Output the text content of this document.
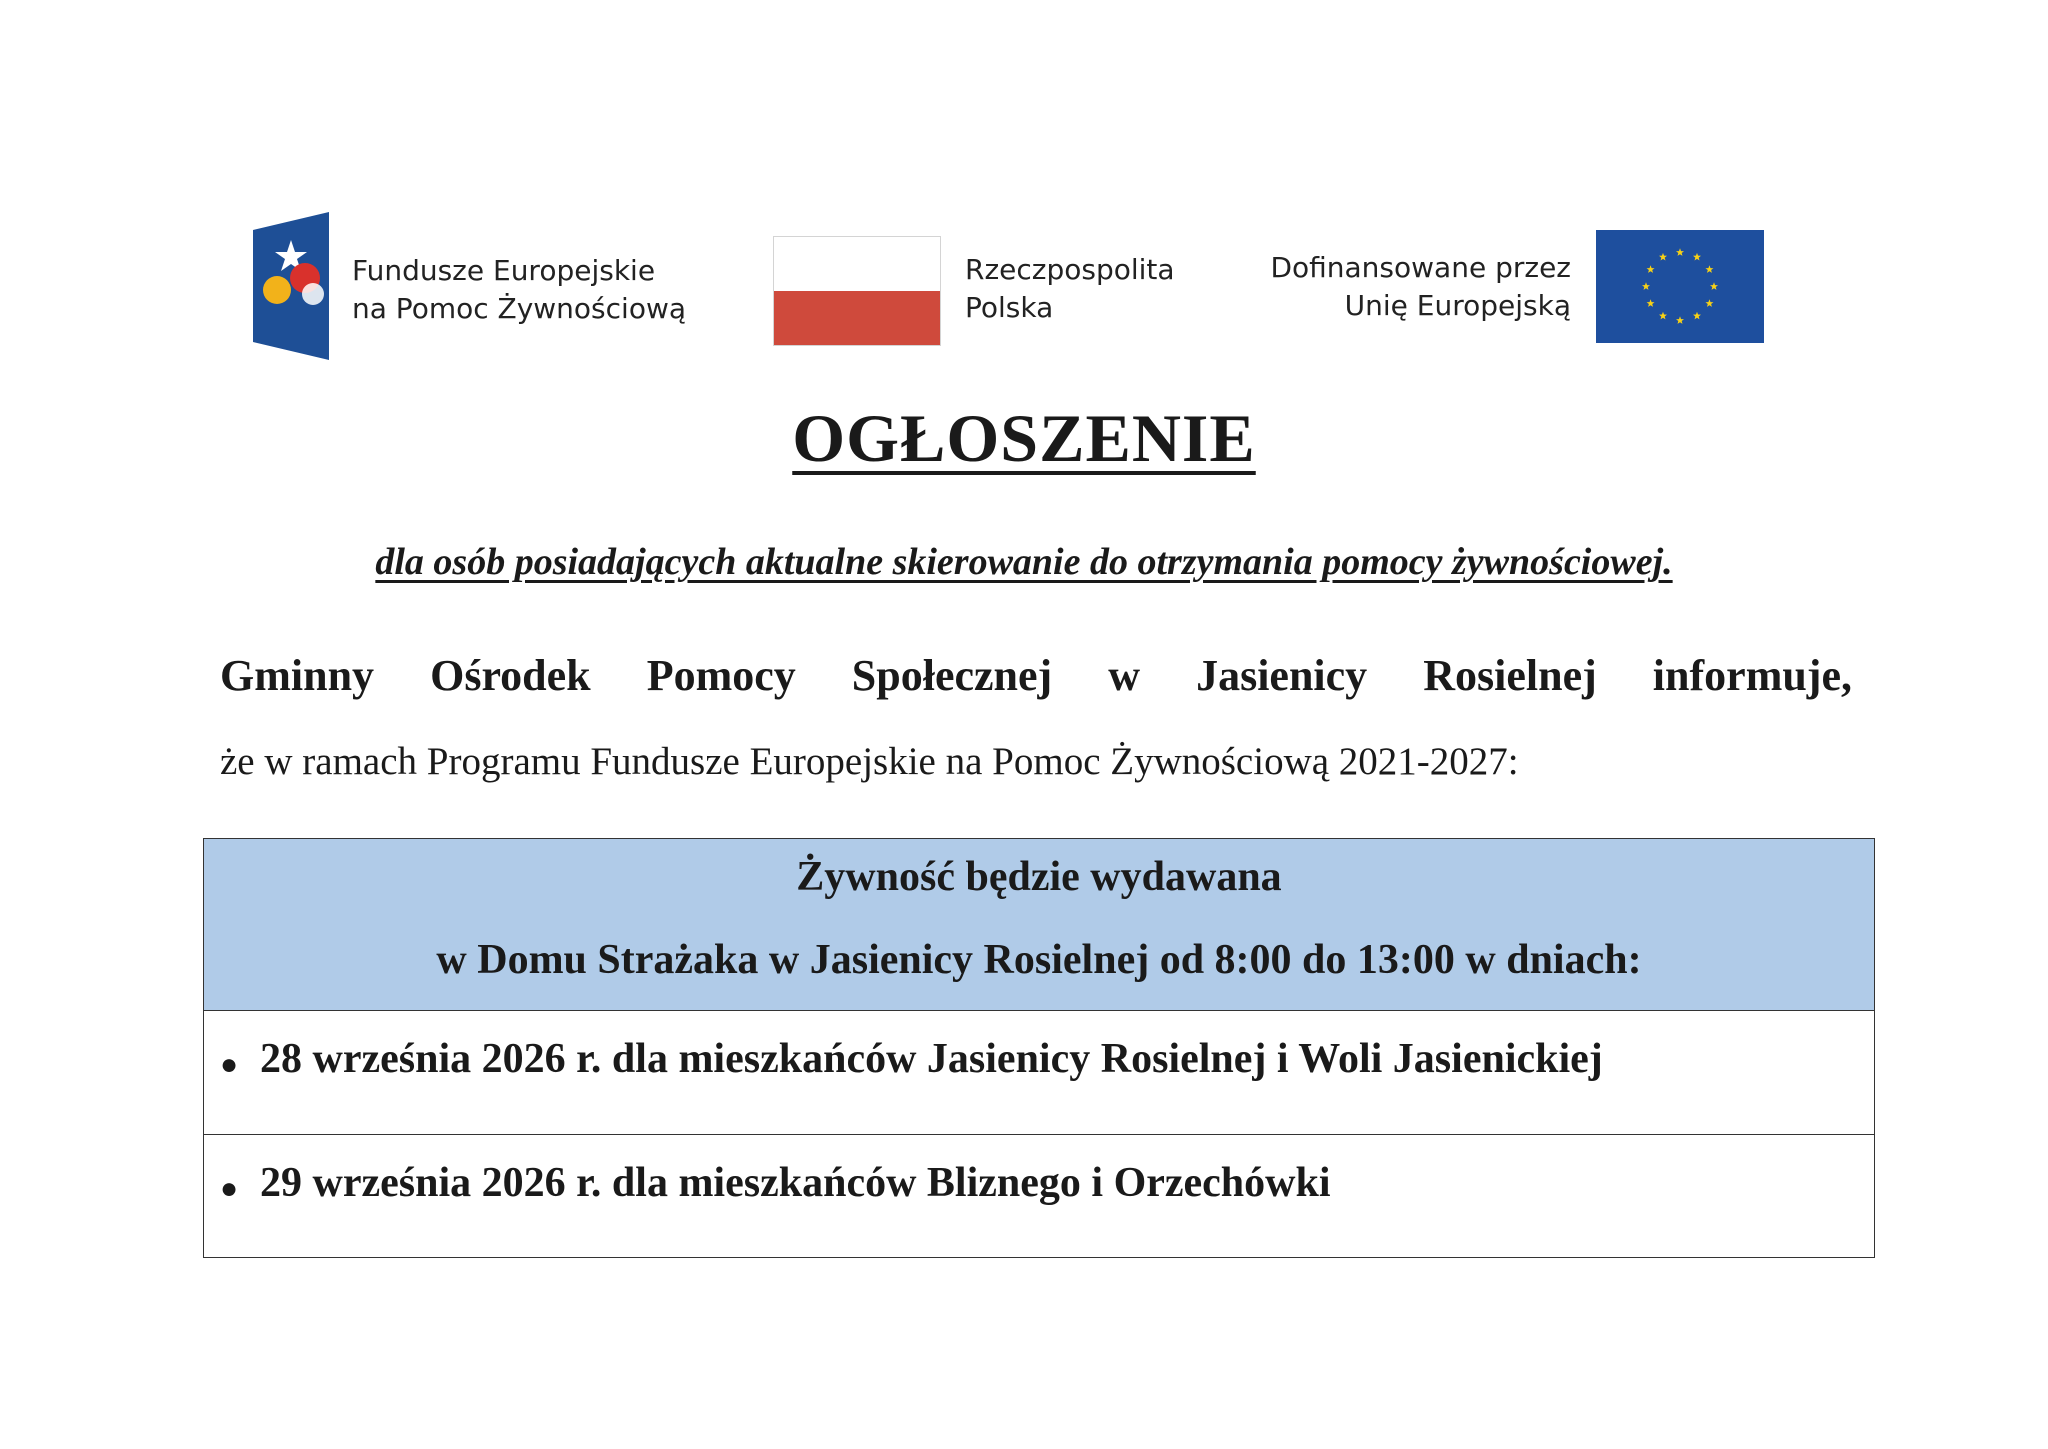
Fundusze Europejskie
na Pomoc Żywnościową
Rzeczpospolita
Polska
Dofinansowane przez
Unię Europejską
OGŁOSZENIE
dla osób posiadających aktualne skierowanie do otrzymania pomocy żywnościowej.
Gminny Ośrodek Pomocy Społecznej w Jasienicy Rosielnej informuje,
że w ramach Programu Fundusze Europejskie na Pomoc Żywnościową 2021-2027:
Żywność będzie wydawana
w Domu Strażaka w Jasienicy Rosielnej od 8:00 do 13:00 w dniach:
● 28 września 2026 r. dla mieszkańców Jasienicy Rosielnej i Woli Jasienickiej
● 29 września 2026 r. dla mieszkańców Bliznego i Orzechówki
